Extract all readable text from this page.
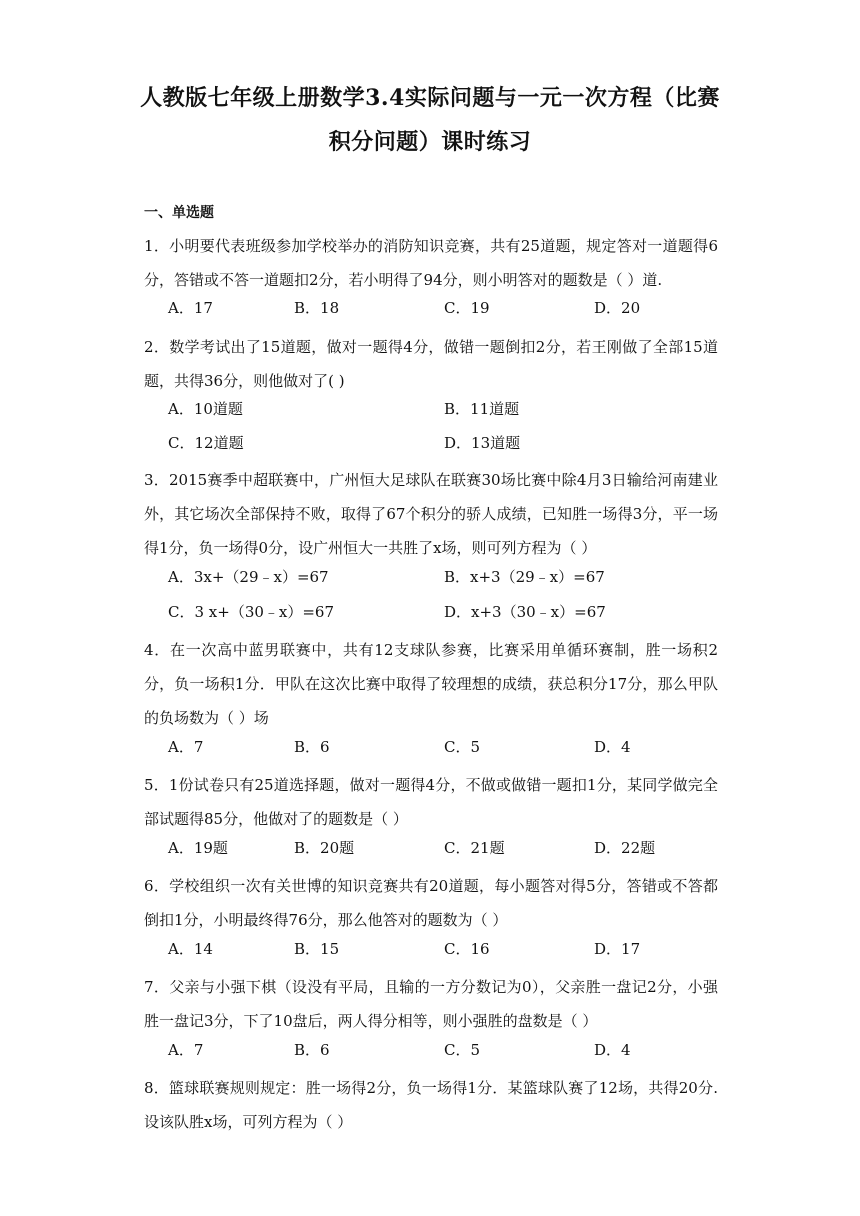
人教版七年级上册数学3.4实际问题与一元一次方程（比赛
积分问题）课时练习
一、单选题
1．小明要代表班级参加学校举办的消防知识竞赛，共有25道题，规定答对一道题得6分，答错或不答一道题扣2分，若小明得了94分，则小明答对的题数是（ ）道.
A．17	B．18	C．19	D．20
2．数学考试出了15道题，做对一题得4分，做错一题倒扣2分，若王刚做了全部15道题，共得36分，则他做对了( )
A．10道题	B．11道题
C．12道题	D．13道题
3．2015赛季中超联赛中，广州恒大足球队在联赛30场比赛中除4月3日输给河南建业外，其它场次全部保持不败，取得了67个积分的骄人成绩，已知胜一场得3分，平一场得1分，负一场得0分，设广州恒大一共胜了x场，则可列方程为（ ）
A．3x+（29﹣x）=67	B．x+3（29﹣x）=67
C．3 x+（30﹣x）=67	D．x+3（30﹣x）=67
4．在一次高中蓝男联赛中，共有12支球队参赛，比赛采用单循环赛制，胜一场积2分，负一场积1分．甲队在这次比赛中取得了较理想的成绩，获总积分17分，那么甲队的负场数为（ ）场
A．7	B．6	C．5	D．4
5．1份试卷只有25道选择题，做对一题得4分，不做或做错一题扣1分，某同学做完全部试题得85分，他做对了的题数是（ ）
A．19题	B．20题	C．21题	D．22题
6．学校组织一次有关世博的知识竞赛共有20道题，每小题答对得5分，答错或不答都倒扣1分，小明最终得76分，那么他答对的题数为（ ）
A．14	B．15	C．16	D．17
7．父亲与小强下棋（设没有平局，且输的一方分数记为0），父亲胜一盘记2分，小强胜一盘记3分，下了10盘后，两人得分相等，则小强胜的盘数是（ ）
A．7	B．6	C．5	D．4
8．篮球联赛规则规定：胜一场得2分，负一场得1分．某篮球队赛了12场，共得20分.设该队胜x场，可列方程为（ ）
